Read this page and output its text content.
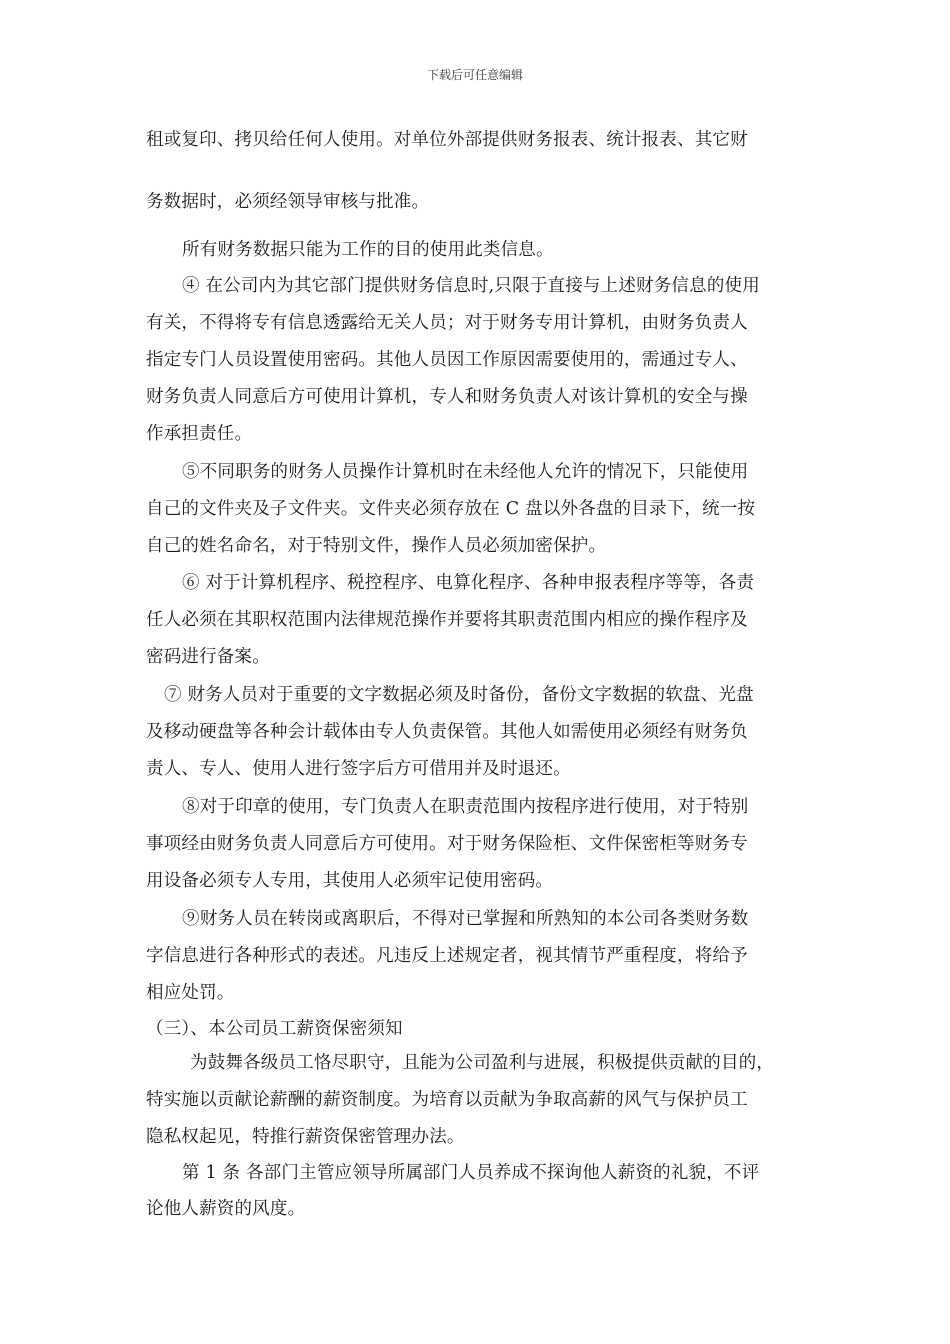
下载后可任意编辑
租或复印、拷贝给任何人使用。对单位外部提供财务报表、统计报表、其它财
务数据时，必须经领导审核与批准。
所有财务数据只能为工作的目的使用此类信息。
④ 在公司内为其它部门提供财务信息时,只限于直接与上述财务信息的使用
有关，不得将专有信息透露给无关人员；对于财务专用计算机，由财务负责人
指定专门人员设置使用密码。其他人员因工作原因需要使用的，需通过专人、
财务负责人同意后方可使用计算机，专人和财务负责人对该计算机的安全与操
作承担责任。
⑤不同职务的财务人员操作计算机时在未经他人允许的情况下，只能使用
自己的文件夹及子文件夹。文件夹必须存放在 C 盘以外各盘的目录下，统一按
自己的姓名命名，对于特别文件，操作人员必须加密保护。
⑥ 对于计算机程序、税控程序、电算化程序、各种申报表程序等等，各责
任人必须在其职权范围内法律规范操作并要将其职责范围内相应的操作程序及
密码进行备案。
⑦ 财务人员对于重要的文字数据必须及时备份，备份文字数据的软盘、光盘
及移动硬盘等各种会计载体由专人负责保管。其他人如需使用必须经有财务负
责人、专人、使用人进行签字后方可借用并及时退还。
⑧对于印章的使用，专门负责人在职责范围内按程序进行使用，对于特别
事项经由财务负责人同意后方可使用。对于财务保险柜、文件保密柜等财务专
用设备必须专人专用，其使用人必须牢记使用密码。
⑨财务人员在转岗或离职后，不得对已掌握和所熟知的本公司各类财务数
字信息进行各种形式的表述。凡违反上述规定者，视其情节严重程度，将给予
相应处罚。
（三）、本公司员工薪资保密须知
为鼓舞各级员工恪尽职守，且能为公司盈利与进展，积极提供贡献的目的，
特实施以贡献论薪酬的薪资制度。为培育以贡献为争取高薪的风气与保护员工
隐私权起见，特推行薪资保密管理办法。
第 1 条 各部门主管应领导所属部门人员养成不探询他人薪资的礼貌，不评
论他人薪资的风度。
